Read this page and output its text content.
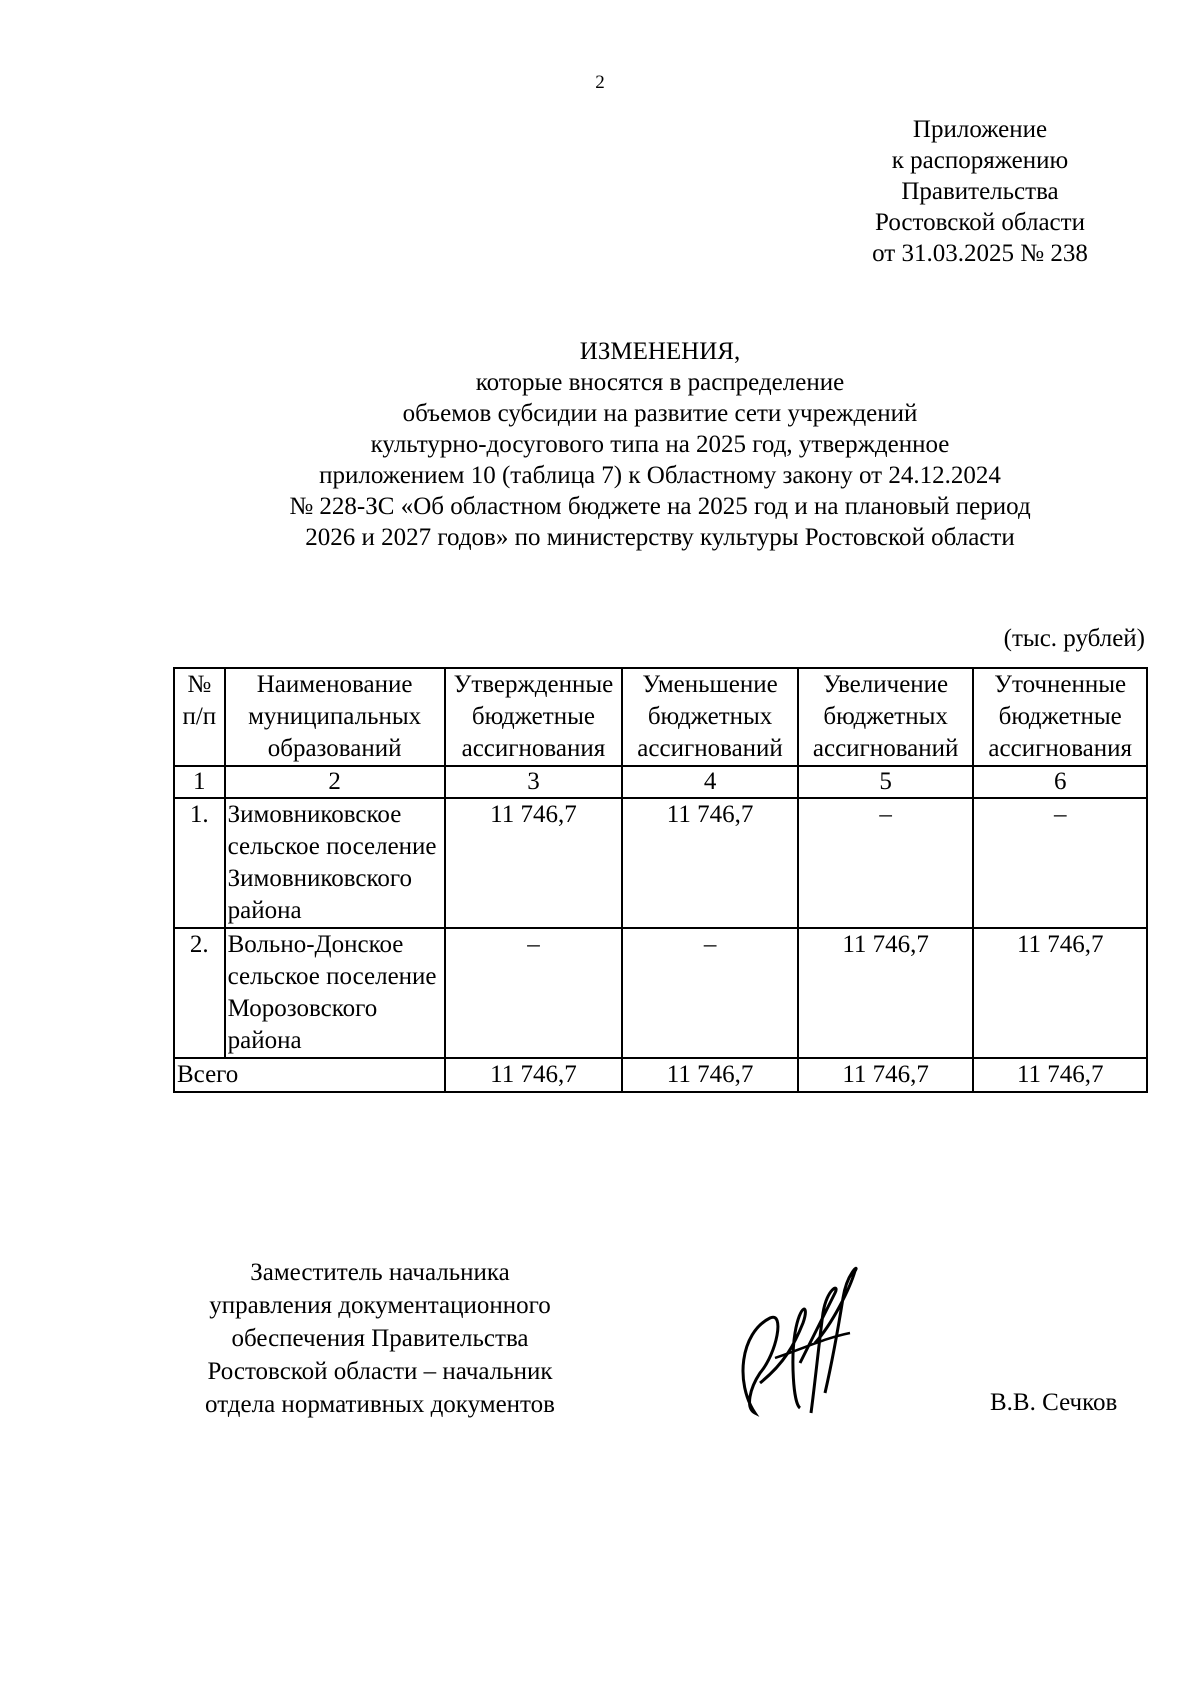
2
Приложение
к распоряжению
Правительства
Ростовской области
от 31.03.2025 № 238
ИЗМЕНЕНИЯ,
которые вносятся в распределение
объемов субсидии на развитие сети учреждений
культурно-досугового типа на 2025 год, утвержденное
приложением 10 (таблица 7) к Областному закону от 24.12.2024
№ 228-ЗС «Об областном бюджете на 2025 год и на плановый период
2026 и 2027 годов» по министерству культуры Ростовской области
(тыс. рублей)
№ п/п	Наименование муниципальных образований	Утвержденные бюджетные ассигнования	Уменьшение бюджетных ассигнований	Увеличение бюджетных ассигнований	Уточненные бюджетные ассигнования
1	2	3	4	5	6
1.	Зимовниковское сельское поселение Зимовниковского района	11 746,7	11 746,7	–	–
2.	Вольно-Донское сельское поселение Морозовского района	–	–	11 746,7	11 746,7
Всего		11 746,7	11 746,7	11 746,7	11 746,7
Заместитель начальника
управления документационного
обеспечения Правительства
Ростовской области – начальник
отдела нормативных документов	В.В. Сечков
